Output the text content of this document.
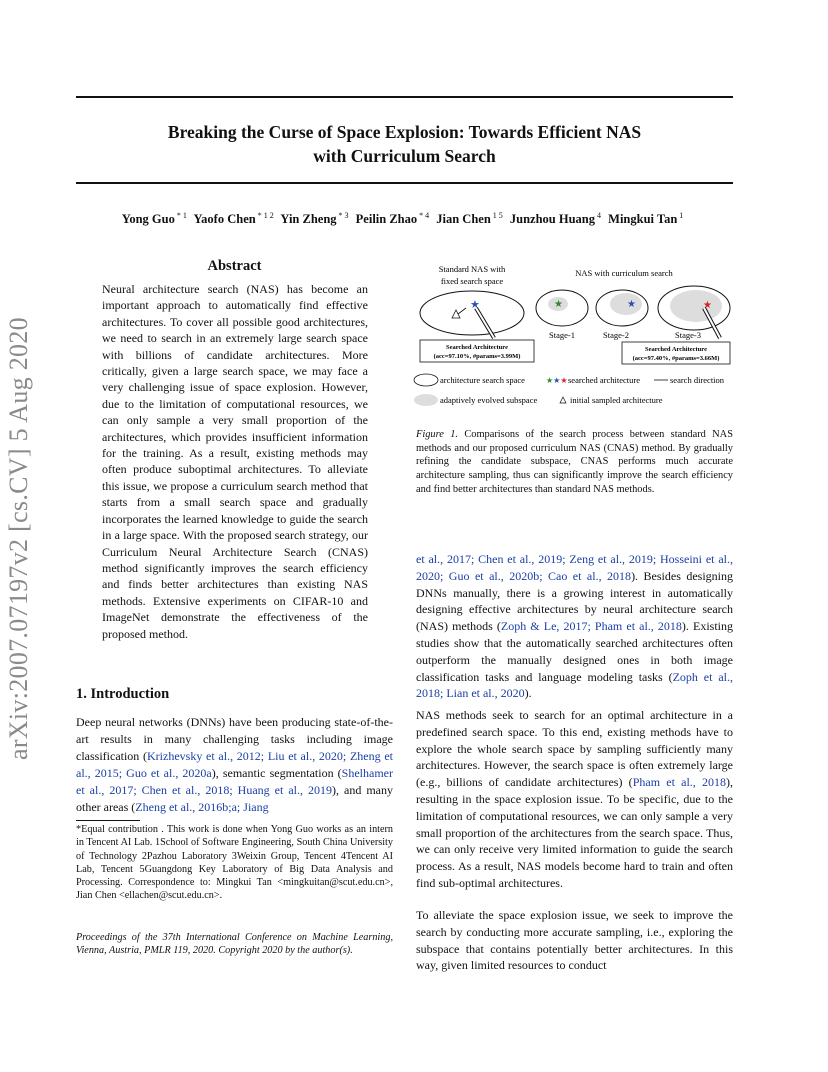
arXiv:2007.07197v2 [cs.CV] 5 Aug 2020
Breaking the Curse of Space Explosion: Towards Efficient NAS
with Curriculum Search
Yong Guo $^{* 1}$ Yaofo Chen $^{* 1 2}$ Yin Zheng $^{* 3}$ Peilin Zhao $^{* 4}$ Jian Chen $^{1 5}$ Junzhou Huang $^4$ Mingkui Tan $^1$
Abstract
Neural architecture search (NAS) has become an important approach to automatically find effective architectures. To cover all possible good architectures, we need to search in an extremely large search space with billions of candidate architectures. More critically, given a large search space, we may face a very challenging issue of space explosion. However, due to the limitation of computational resources, we can only sample a very small proportion of the architectures, which provides insufficient information for the training. As a result, existing methods may often produce suboptimal architectures. To alleviate this issue, we propose a curriculum search method that starts from a small search space and gradually incorporates the learned knowledge to guide the search in a large space. With the proposed search strategy, our Curriculum Neural Architecture Search (CNAS) method significantly improves the search efficiency and finds better architectures than existing NAS methods. Extensive experiments on CIFAR-10 and ImageNet demonstrate the effectiveness of the proposed method.
1. Introduction
Deep neural networks (DNNs) have been producing state-of-the-art results in many challenging tasks including image classification (Krizhevsky et al., 2012; Liu et al., 2020; Zheng et al., 2015; Guo et al., 2020a), semantic segmentation (Shelhamer et al., 2017; Chen et al., 2018; Huang et al., 2019), and many other areas (Zheng et al., 2016b;a; Jiang
*Equal contribution . This work is done when Yong Guo works as an intern in Tencent AI Lab. 1School of Software Engineering, South China University of Technology 2Pazhou Laboratory 3Weixin Group, Tencent 4Tencent AI Lab, Tencent 5Guangdong Key Laboratory of Big Data Analysis and Processing. Correspondence to: Mingkui Tan <mingkuitan@scut.edu.cn>, Jian Chen <ellachen@scut.edu.cn>.
Proceedings of the 37th International Conference on Machine Learning, Vienna, Austria, PMLR 119, 2020. Copyright 2020 by the author(s).
Standard NAS with
fixed search space
NAS with curriculum search
★
Searched Architecture
(acc=97.10%, #params=3.99M)
★	★	★
Stage-1	Stage-2	Stage-3
Searched Architecture
(acc=97.40%, #params=3.66M)
architecture search space	★★★ searched architecture	search direction
adaptively evolved subspace	initial sampled architecture
Figure 1. Comparisons of the search process between standard NAS methods and our proposed curriculum NAS (CNAS) method. By gradually refining the candidate subspace, CNAS performs much accurate architecture sampling, thus can significantly improve the search efficiency and find better architectures than standard NAS methods.
et al., 2017; Chen et al., 2019; Zeng et al., 2019; Hosseini et al., 2020; Guo et al., 2020b; Cao et al., 2018). Besides designing DNNs manually, there is a growing interest in automatically designing effective architectures by neural architecture search (NAS) methods (Zoph & Le, 2017; Pham et al., 2018). Existing studies show that the automatically searched architectures often outperform the manually designed ones in both image classification tasks and language modeling tasks (Zoph et al., 2018; Lian et al., 2020).
NAS methods seek to search for an optimal architecture in a predefined search space. To this end, existing methods have to explore the whole search space by sampling sufficiently many architectures. However, the search space is often extremely large (e.g., billions of candidate architectures) (Pham et al., 2018), resulting in the space explosion issue. To be specific, due to the limitation of computational resources, we can only sample a very small proportion of the architectures from the search space. Thus, we can only receive very limited information to guide the search process. As a result, NAS models become hard to train and often find sub-optimal architectures.
To alleviate the space explosion issue, we seek to improve the search by conducting more accurate sampling, i.e., exploring the subspace that contains potentially better architectures. In this way, given limited resources to conduct
